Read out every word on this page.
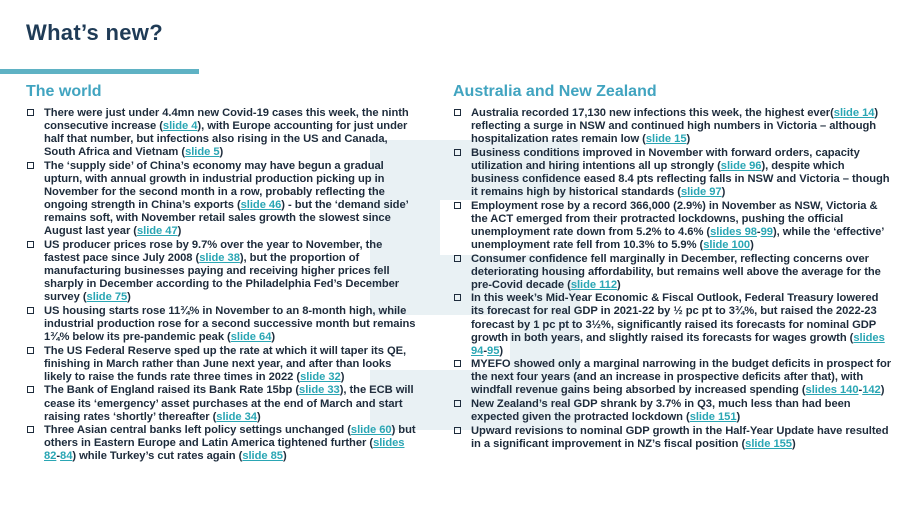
What’s new?
The world
There were just under 4.4mn new Covid-19 cases this week, the ninth consecutive increase (slide 4), with Europe accounting for just under half that number, but infections also rising in the US and Canada, South Africa and Vietnam (slide 5)
The ‘supply side’ of China’s economy may have begun a gradual upturn, with annual growth in industrial production picking up in November for the second month in a row, probably reflecting the ongoing strength in China’s exports (slide 46) - but the ‘demand side’ remains soft, with November retail sales growth the slowest since August last year (slide 47)
US producer prices rose by 9.7% over the year to November, the fastest pace since July 2008 (slide 38), but the proportion of manufacturing businesses paying and receiving higher prices fell sharply in December according to the Philadelphia Fed’s December survey (slide 75)
US housing starts rose 11¾% in November to an 8-month high, while industrial production rose for a second successive month but remains 1¾% below its pre-pandemic peak (slide 64)
The US Federal Reserve sped up the rate at which it will taper its QE, finishing in March rather than June next year, and after than looks likely to raise the funds rate three times in 2022 (slide 32)
The Bank of England raised its Bank Rate 15bp (slide 33), the ECB will cease its ‘emergency’ asset purchases at the end of March and start raising rates ‘shortly’ thereafter (slide 34)
Three Asian central banks left policy settings unchanged (slide 60) but others in Eastern Europe and Latin America tightened further (slides 82-84) while Turkey’s cut rates again (slide 85)
Australia and New Zealand
Australia recorded 17,130 new infections this week, the highest ever(slide 14) reflecting a surge in NSW and continued high numbers in Victoria – although hospitalization rates remain low (slide 15)
Business conditions improved in November with forward orders, capacity utilization and hiring intentions all up strongly (slide 96), despite which business confidence eased 8.4 pts reflecting falls in NSW and Victoria – though it remains high by historical standards (slide 97)
Employment rose by a record 366,000 (2.9%) in November as NSW, Victoria & the ACT emerged from their protracted lockdowns, pushing the official unemployment rate down from 5.2% to 4.6% (slides 98-99), while the ‘effective’ unemployment rate fell from 10.3% to 5.9% (slide 100)
Consumer confidence fell marginally in December, reflecting concerns over deteriorating housing affordability, but remains well above the average for the pre-Covid decade (slide 112)
In this week’s Mid-Year Economic & Fiscal Outlook, Federal Treasury lowered its forecast for real GDP in 2021-22 by ½ pc pt to 3¾%, but raised the 2022-23 forecast by 1 pc pt to 3½%, significantly raised its forecasts for nominal GDP growth in both years, and slightly raised its forecasts for wages growth (slides 94-95)
MYEFO showed only a marginal narrowing in the budget deficits in prospect for the next four years (and an increase in prospective deficits after that), with windfall revenue gains being absorbed by increased spending (slides 140-142)
New Zealand’s real GDP shrank by 3.7% in Q3, much less than had been expected given the protracted lockdown (slide 151)
Upward revisions to nominal GDP growth in the Half-Year Update have resulted in a significant improvement in NZ’s fiscal position (slide 155)
